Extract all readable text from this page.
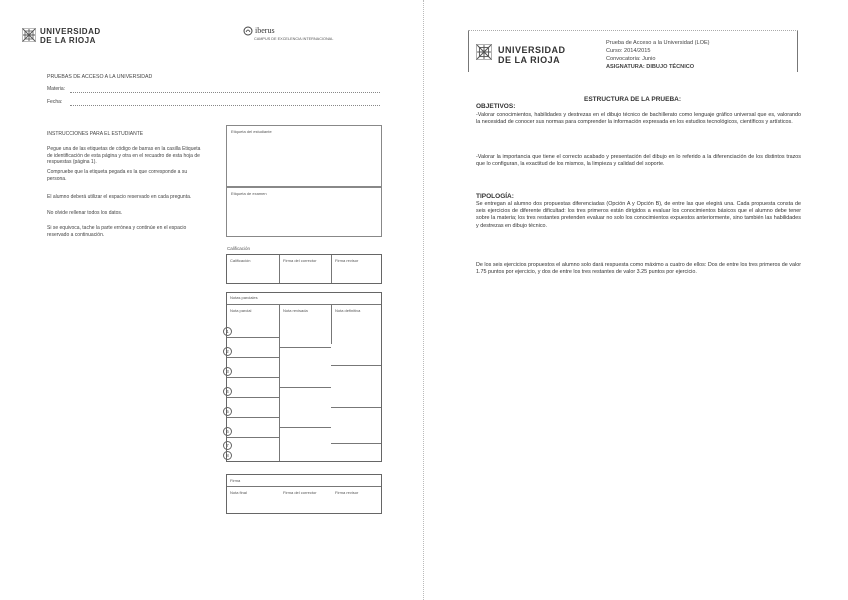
UNIVERSIDAD
DE LA RIOJA
iberus
CAMPUS DE EXCELENCIA INTERNACIONAL
PRUEBAS DE ACCESO A LA UNIVERSIDAD
Materia:
Fecha:
INSTRUCCIONES PARA EL ESTUDIANTE
Pegue una de las etiquetas de código de barras en la casilla Etiqueta de identificación de esta página y otra en el recuadro de esta hoja de respuestas (página 1).
Compruebe que la etiqueta pegada es la que corresponde a su persona.
El alumno deberá utilizar el espacio reservado en cada pregunta.
No olvide rellenar todos los datos.
Si se equivoca, tache la parte errónea y continúe en el espacio reservado a continuación.
Etiqueta del estudiante
Etiqueta de examen
Calificación
Calificación	Firma del corrector	Firma revisor
Notas parciales
Nota parcial	Nota revisada	Nota definitiva
1
2
3
4
5
6
7
8
Firma
Nota final	Firma del corrector	Firma revisor
UNIVERSIDAD
DE LA RIOJA
Prueba de Acceso a la Universidad (LOE)
Curso: 2014/2015
Convocatoria: Junio
ASIGNATURA: DIBUJO TÉCNICO
ESTRUCTURA DE LA PRUEBA:
OBJETIVOS:
-Valorar conocimientos, habilidades y destrezas en el dibujo técnico de bachillerato como lenguaje gráfico universal que es, valorando la necesidad de conocer sus normas para comprender la información expresada en los estudios tecnológicos, científicos y artísticos.
-Valorar la importancia que tiene el correcto acabado y presentación del dibujo en lo referido a la diferenciación de los distintos trazos que lo configuran, la exactitud de los mismos, la limpieza y calidad del soporte.
TIPOLOGÍA:
Se entregan al alumno dos propuestas diferenciadas (Opción A y Opción B), de entre las que elegirá una. Cada propuesta consta de seis ejercicios de diferente dificultad: los tres primeros están dirigidos a evaluar los conocimientos básicos que el alumno debe tener sobre la materia; los tres restantes pretenden evaluar no solo los conocimientos expuestos anteriormente, sino también las habilidades y destrezas en dibujo técnico.
De los seis ejercicios propuestos el alumno solo dará respuesta como máximo a cuatro de ellos: Dos de entre los tres primeros de valor 1.75 puntos por ejercicio, y dos de entre los tres restantes de valor 3.25 puntos por ejercicio.
